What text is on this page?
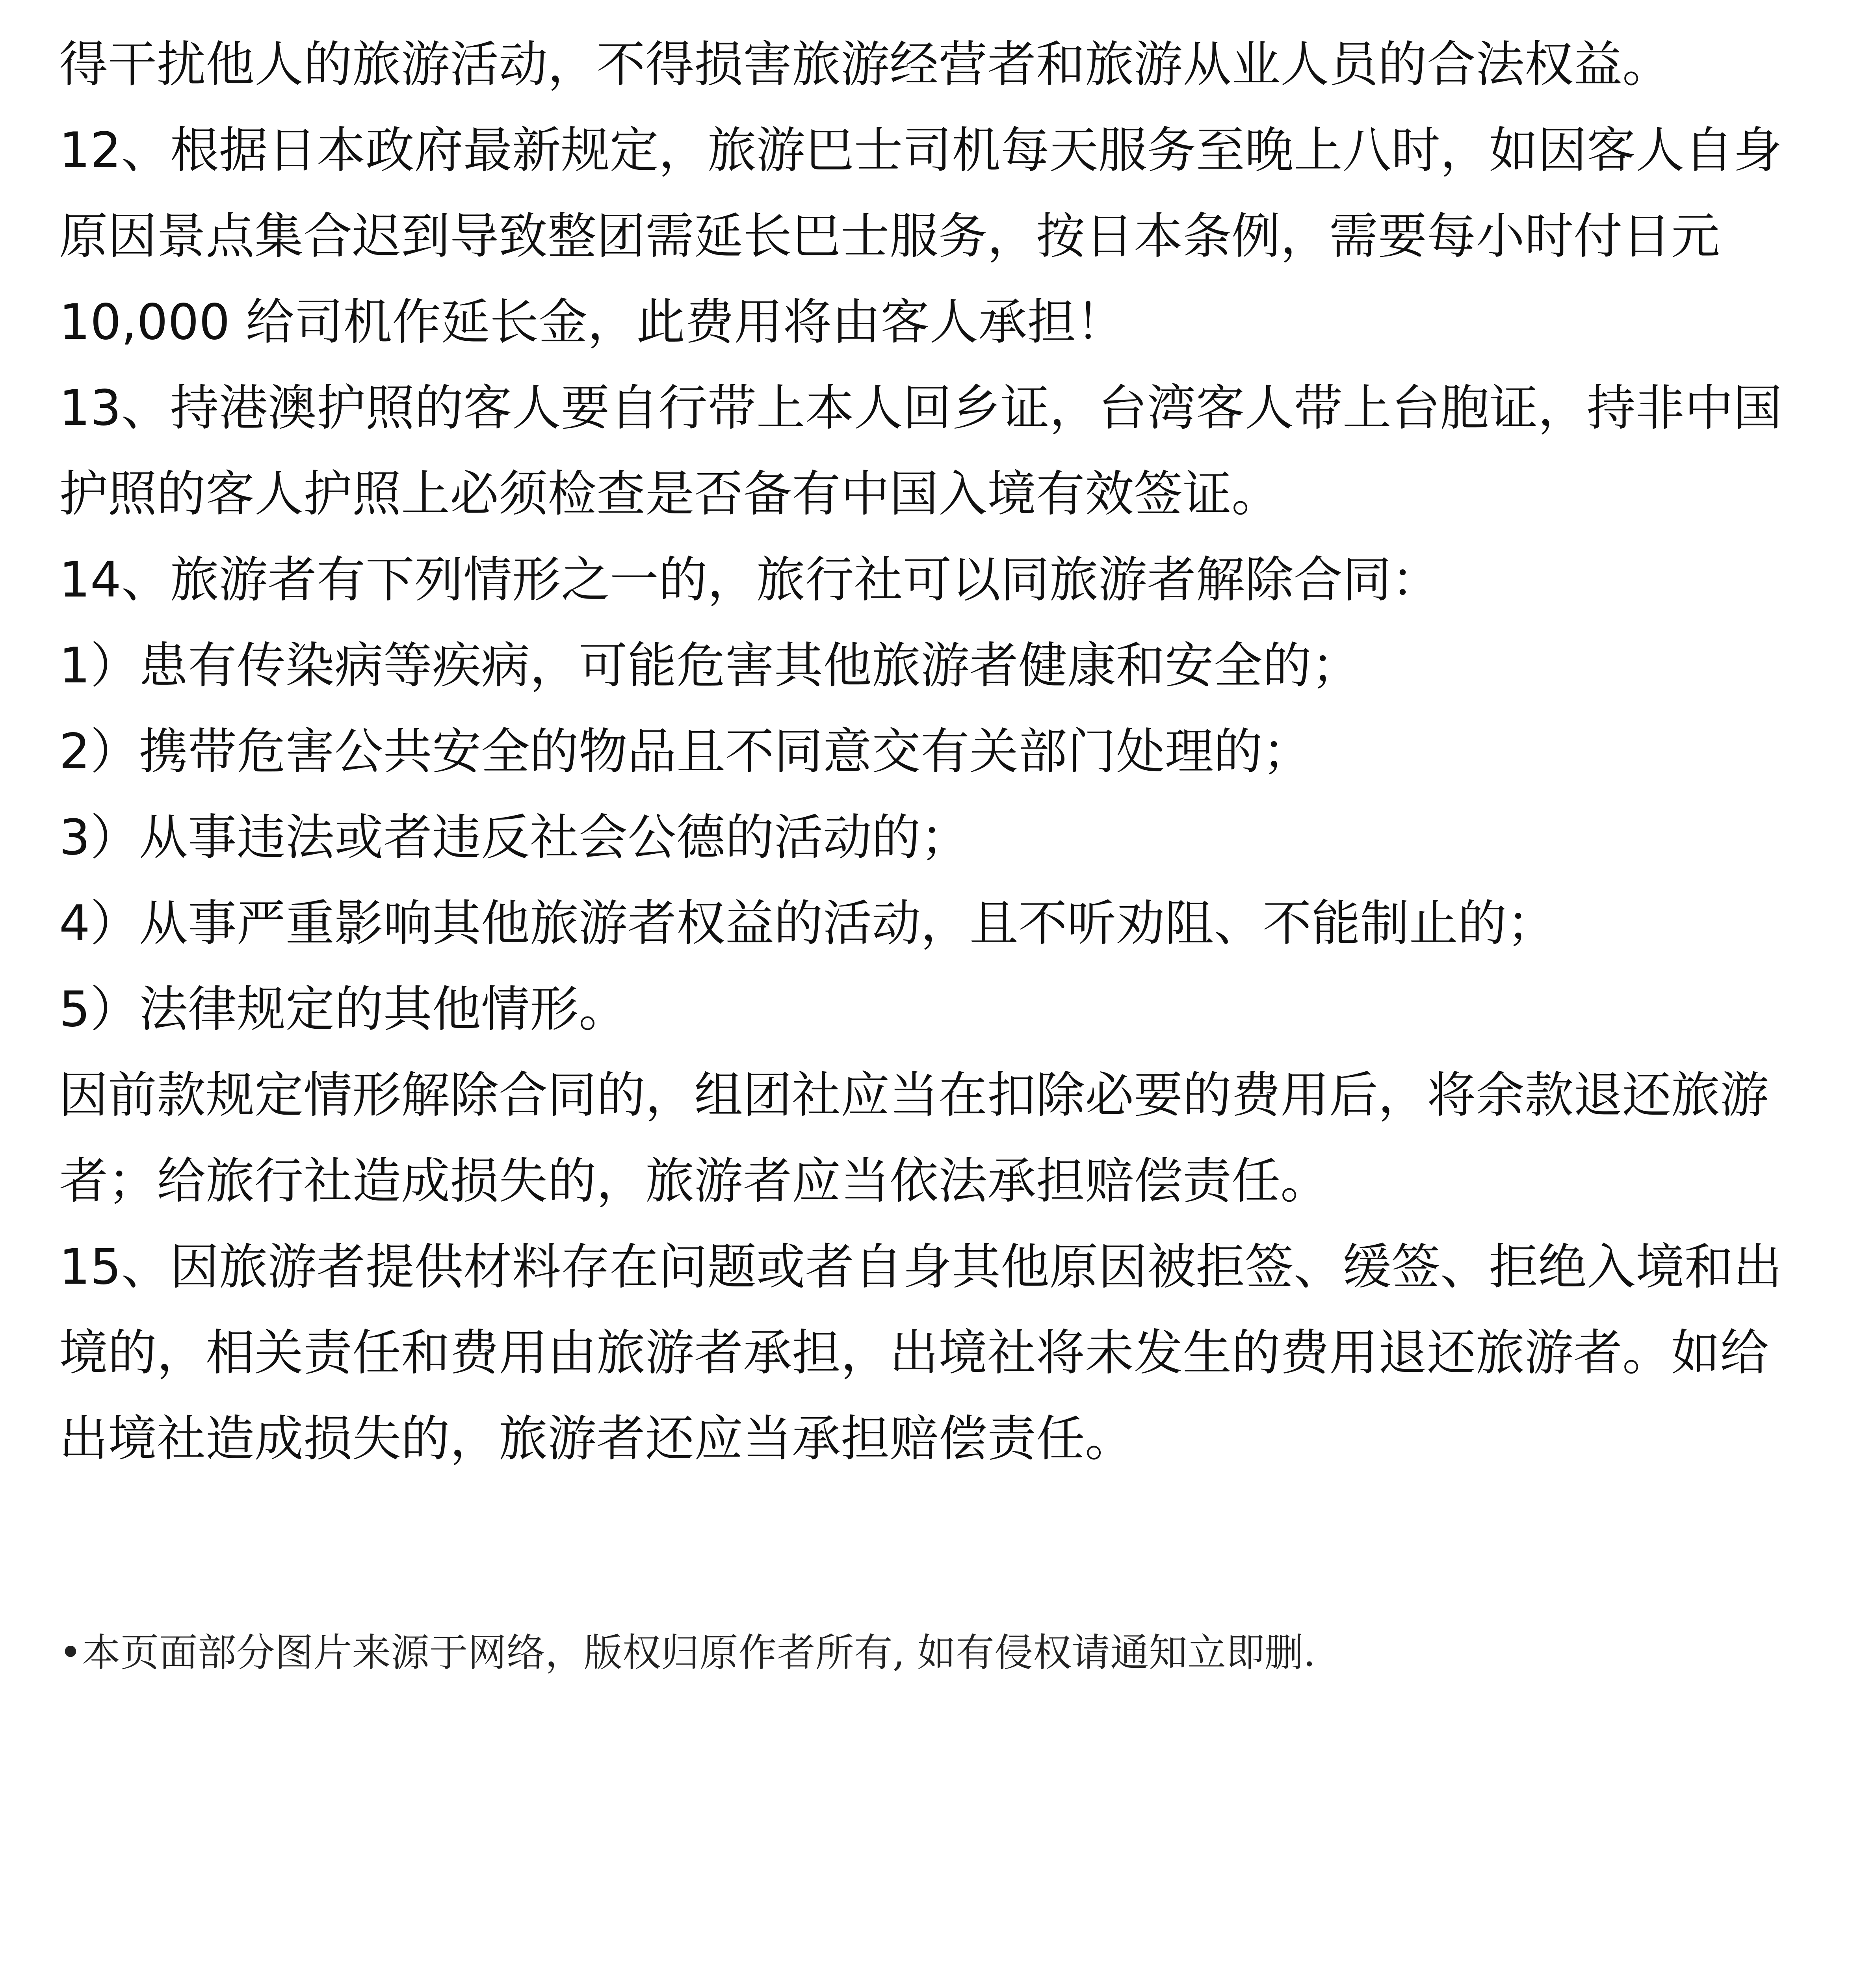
得干扰他人的旅游活动，不得损害旅游经营者和旅游从业人员的合法权益。
12、根据日本政府最新规定，旅游巴士司机每天服务至晚上八时，如因客人自身
原因景点集合迟到导致整团需延长巴士服务，按日本条例，需要每小时付日元
10,000 给司机作延长金，此费用将由客人承担！
13、持港澳护照的客人要自行带上本人回乡证，台湾客人带上台胞证，持非中国
护照的客人护照上必须检查是否备有中国入境有效签证。
14、旅游者有下列情形之一的，旅行社可以同旅游者解除合同：
1）患有传染病等疾病，可能危害其他旅游者健康和安全的；
2）携带危害公共安全的物品且不同意交有关部门处理的；
3）从事违法或者违反社会公德的活动的；
4）从事严重影响其他旅游者权益的活动，且不听劝阻、不能制止的；
5）法律规定的其他情形。
因前款规定情形解除合同的，组团社应当在扣除必要的费用后，将余款退还旅游
者；给旅行社造成损失的，旅游者应当依法承担赔偿责任。
15、因旅游者提供材料存在问题或者自身其他原因被拒签、缓签、拒绝入境和出
境的，相关责任和费用由旅游者承担，出境社将未发生的费用退还旅游者。如给
出境社造成损失的，旅游者还应当承担赔偿责任。
•本页面部分图片来源于网络，版权归原作者所有, 如有侵权请通知立即删.
